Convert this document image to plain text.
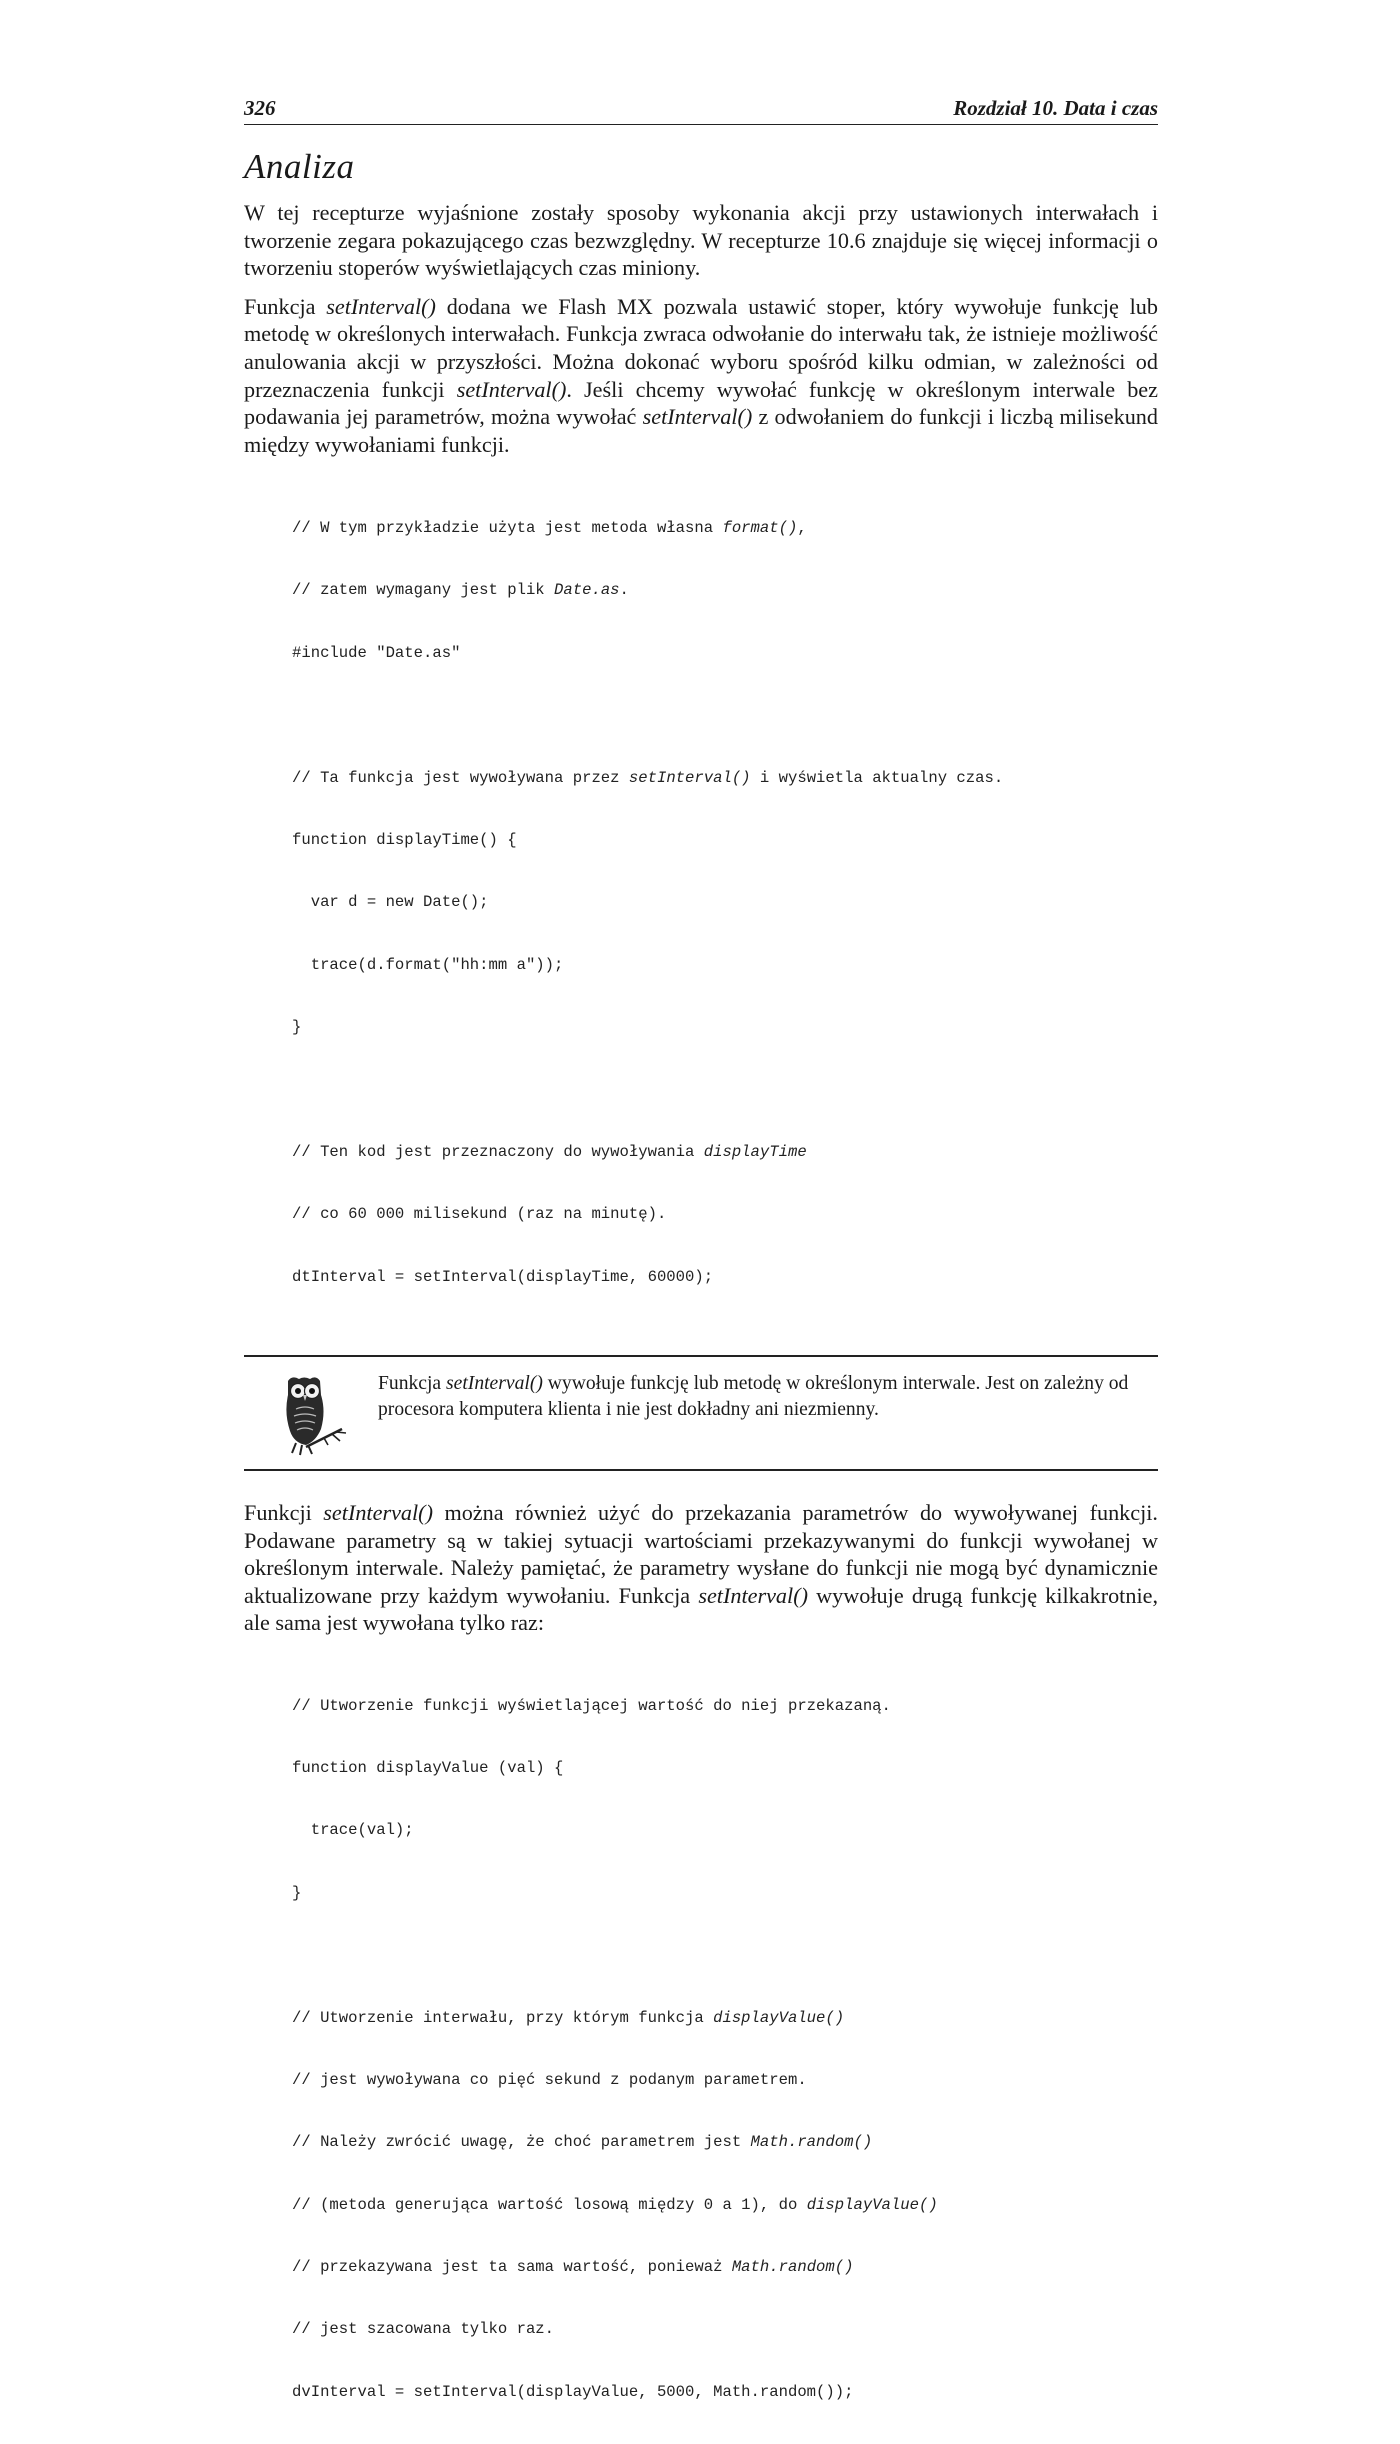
326	Rozdział 10. Data i czas
Analiza

W tej recepturze wyjaśnione zostały sposoby wykonania akcji przy ustawionych interwałach i tworzenie zegara pokazującego czas bezwzględny. W recepturze 10.6 znajduje się więcej informacji o tworzeniu stoperów wyświetlających czas miniony.

Funkcja setInterval() dodana we Flash MX pozwala ustawić stoper, który wywołuje funkcję lub metodę w określonych interwałach. Funkcja zwraca odwołanie do interwału tak, że istnieje możliwość anulowania akcji w przyszłości. Można dokonać wyboru spośród kilku odmian, w zależności od przeznaczenia funkcji setInterval(). Jeśli chcemy wywołać funkcję w określonym interwale bez podawania jej parametrów, można wywołać setInterval() z odwołaniem do funkcji i liczbą milisekund między wywołaniami funkcji.

// W tym przykładzie użyta jest metoda własna format(),

// zatem wymagany jest plik Date.as.

#include "Date.as"

// Ta funkcja jest wywoływana przez setInterval() i wyświetla aktualny czas.

function displayTime() {

var d = new Date();

trace(d.format("hh:mm a"));

}

// Ten kod jest przeznaczony do wywoływania displayTime

// co 60 000 milisekund (raz na minutę).

dtInterval = setInterval(displayTime, 60000);

Funkcja setInterval() wywołuje funkcję lub metodę w określonym interwale. Jest on zależny od procesora komputera klienta i nie jest dokładny ani niezmienny.

Funkcji setInterval() można również użyć do przekazania parametrów do wywoływanej funkcji. Podawane parametry są w takiej sytuacji wartościami przekazywanymi do funkcji wywołanej w określonym interwale. Należy pamiętać, że parametry wysłane do funkcji nie mogą być dynamicznie aktualizowane przy każdym wywołaniu. Funkcja setInterval() wywołuje drugą funkcję kilkakrotnie, ale sama jest wywołana tylko raz:

// Utworzenie funkcji wyświetlającej wartość do niej przekazaną.

function displayValue (val) {

trace(val);

}

// Utworzenie interwału, przy którym funkcja displayValue()

// jest wywoływana co pięć sekund z podanym parametrem.

// Należy zwrócić uwagę, że choć parametrem jest Math.random()

// (metoda generująca wartość losową między 0 a 1), do displayValue()

// przekazywana jest ta sama wartość, ponieważ Math.random()

// jest szacowana tylko raz.

dvInterval = setInterval(displayValue, 5000, Math.random());
